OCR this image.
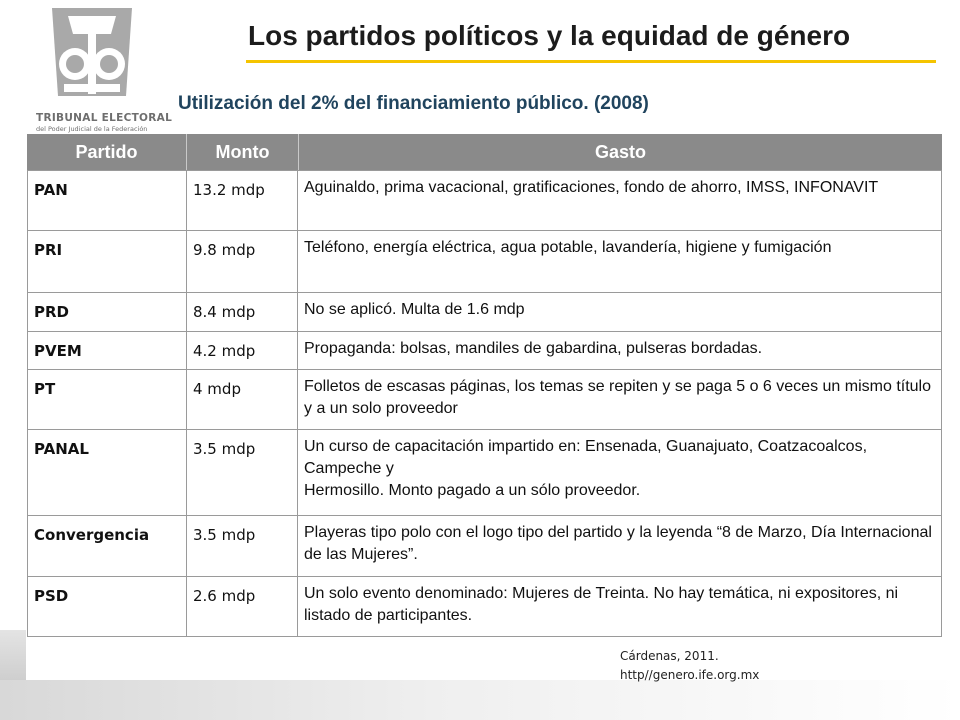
TRIBUNAL ELECTORAL
del Poder Judicial de la Federación
Los partidos políticos y la equidad de género
Utilización del 2% del financiamiento público. (2008)
Partido	Monto	Gasto
PAN	13.2 mdp	Aguinaldo, prima vacacional, gratificaciones, fondo de ahorro, IMSS, INFONAVIT
PRI	9.8 mdp	Teléfono, energía eléctrica, agua potable, lavandería, higiene y fumigación
PRD	8.4 mdp	No se aplicó. Multa de 1.6 mdp
PVEM	4.2 mdp	Propaganda: bolsas, mandiles de gabardina, pulseras bordadas.
PT	4 mdp	Folletos de escasas páginas, los temas se repiten y se paga 5 o 6 veces un mismo título y a un solo proveedor
PANAL	3.5 mdp	Un curso de capacitación impartido en: Ensenada, Guanajuato, Coatzacoalcos, Campeche y
Hermosillo. Monto pagado a un sólo proveedor.

Convergencia	3.5 mdp	Playeras tipo polo con el logo tipo del partido y la leyenda “8 de Marzo, Día Internacional de las Mujeres”.
PSD	2.6 mdp	Un solo evento denominado: Mujeres de Treinta. No hay temática, ni expositores, ni listado de participantes.
Cárdenas, 2011.
http//genero.ife.org.mx
